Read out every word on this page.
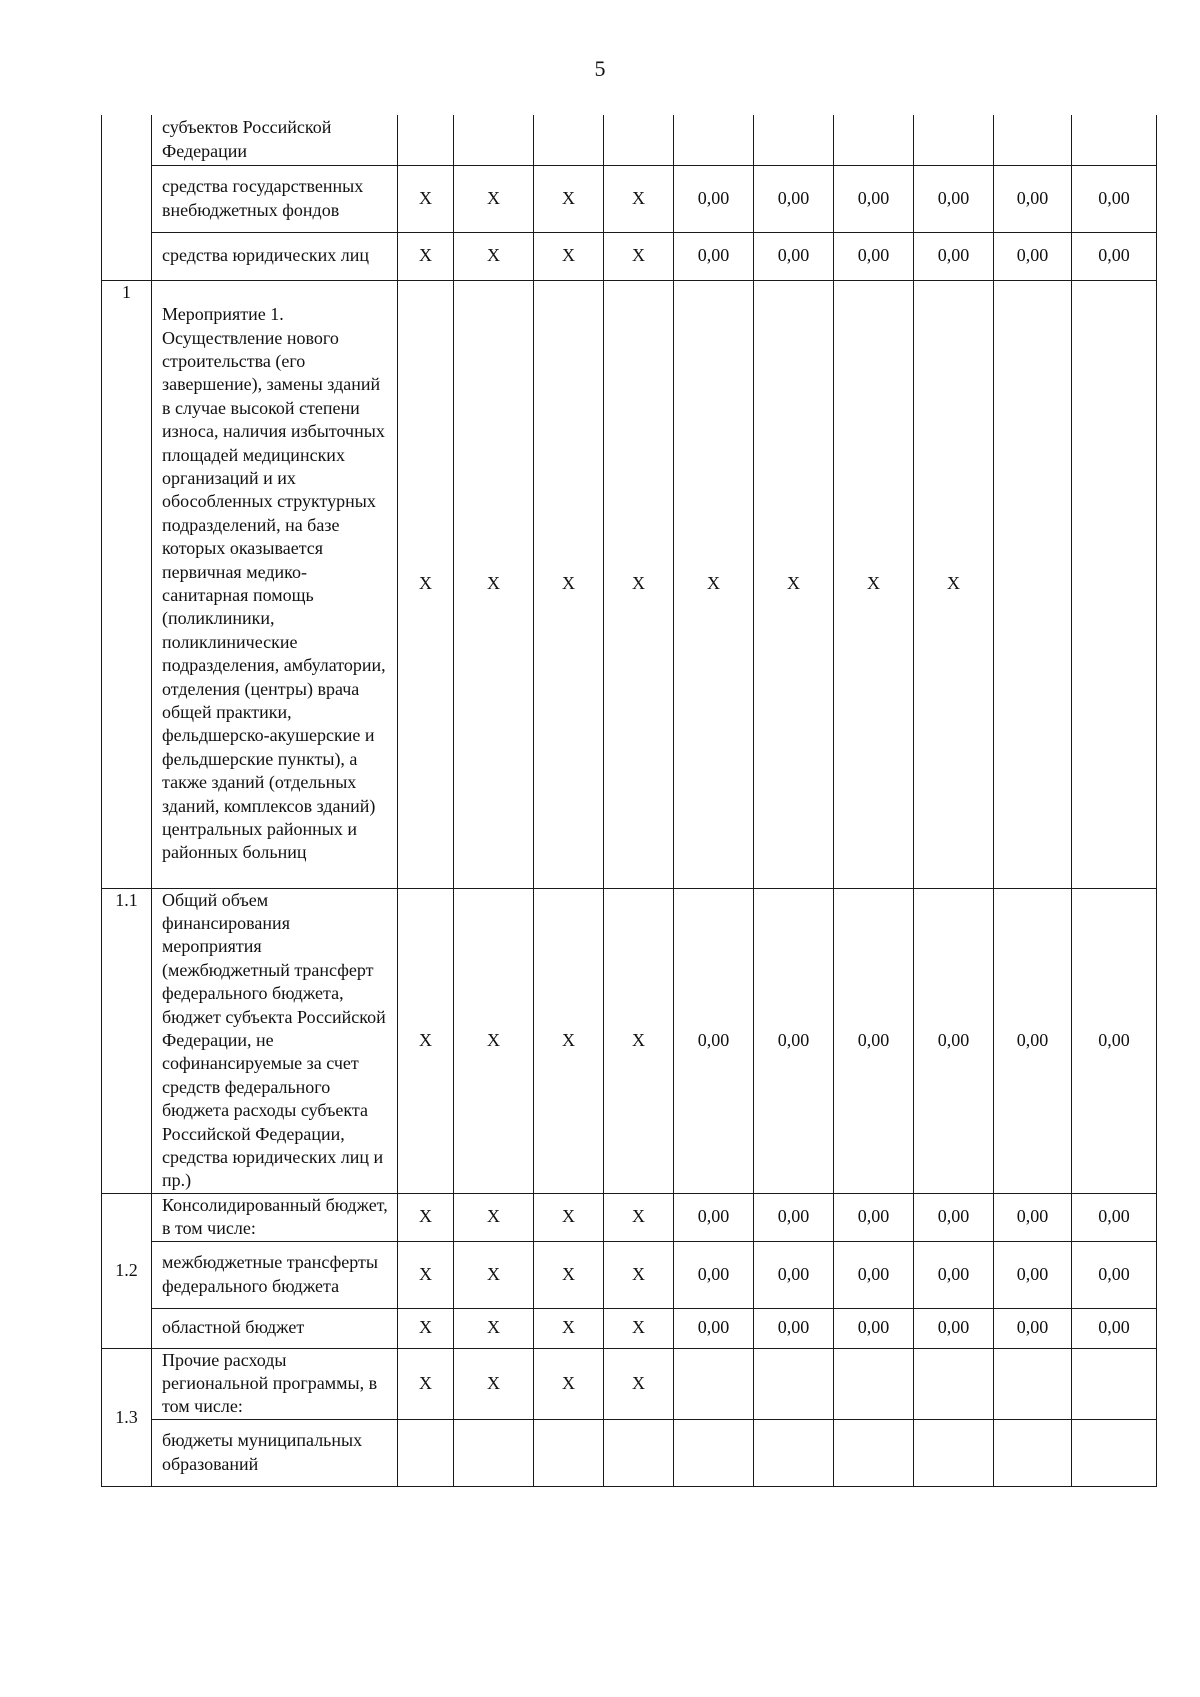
5
	субъектов Российской Федерации										
	средства государственных внебюджетных фондов	X	X	X	X	0,00	0,00	0,00	0,00	0,00	0,00
	средства юридических лиц	X	X	X	X	0,00	0,00	0,00	0,00	0,00	0,00
1	Мероприятие 1. Осуществление нового строительства (его завершение), замены зданий в случае высокой степени износа, наличия избыточных площадей медицинских организаций и их обособленных структурных подразделений, на базе которых оказывается первичная медико-санитарная помощь (поликлиники, поликлинические подразделения, амбулатории, отделения (центры) врача общей практики, фельдшерско-акушерские и фельдшерские пункты), а также зданий (отдельных зданий, комплексов зданий) центральных районных и районных больниц	X	X	X	X	X	X	X	X		
1.1	Общий объем финансирования мероприятия (межбюджетный трансферт федерального бюджета, бюджет субъекта Российской Федерации, не софинансируемые за счет средств федерального бюджета расходы субъекта Российской Федерации, средства юридических лиц и пр.)	X	X	X	X	0,00	0,00	0,00	0,00	0,00	0,00
1.2	Консолидированный бюджет, в том числе:	X	X	X	X	0,00	0,00	0,00	0,00	0,00	0,00
	межбюджетные трансферты федерального бюджета	X	X	X	X	0,00	0,00	0,00	0,00	0,00	0,00
	областной бюджет	X	X	X	X	0,00	0,00	0,00	0,00	0,00	0,00
1.3	Прочие расходы региональной программы, в том числе:	X	X	X	X						
	бюджеты муниципальных образований										
